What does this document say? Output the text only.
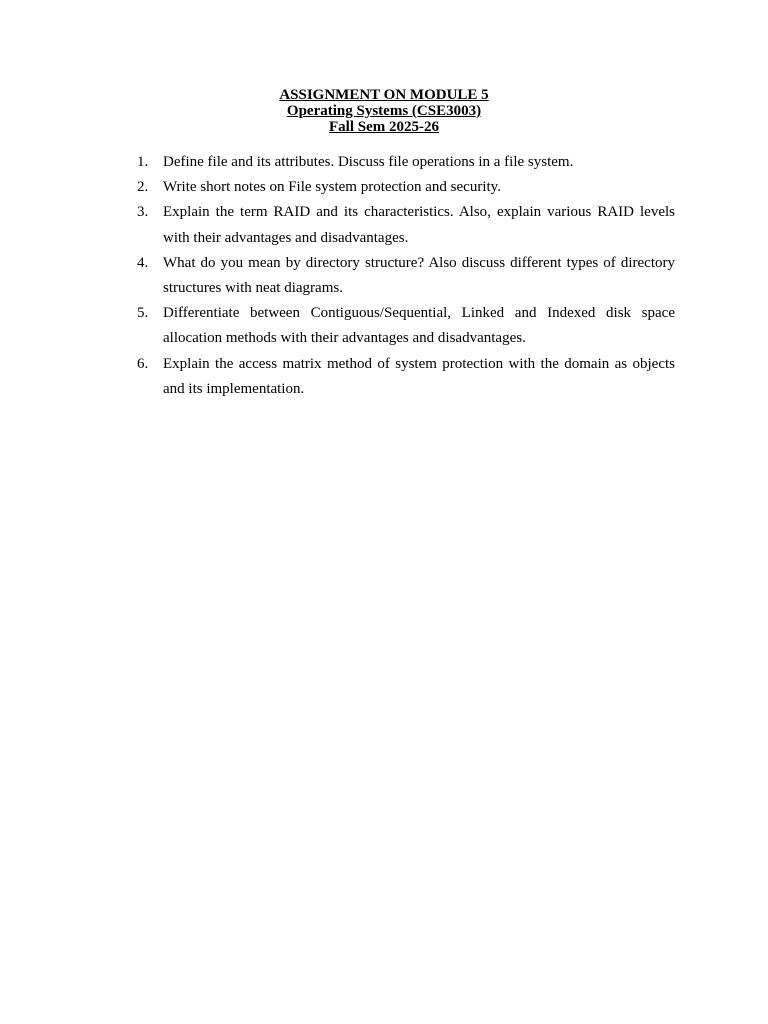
ASSIGNMENT ON MODULE 5

Operating Systems (CSE3003)

Fall Sem 2025-26

1. Define file and its attributes. Discuss file operations in a file system.
2. Write short notes on File system protection and security.
3. Explain the term RAID and its characteristics. Also, explain various RAID levels with their advantages and disadvantages.
4. What do you mean by directory structure? Also discuss different types of directory structures with neat diagrams.
5. Differentiate between Contiguous/Sequential, Linked and Indexed disk space allocation methods with their advantages and disadvantages.
6. Explain the access matrix method of system protection with the domain as objects and its implementation.
